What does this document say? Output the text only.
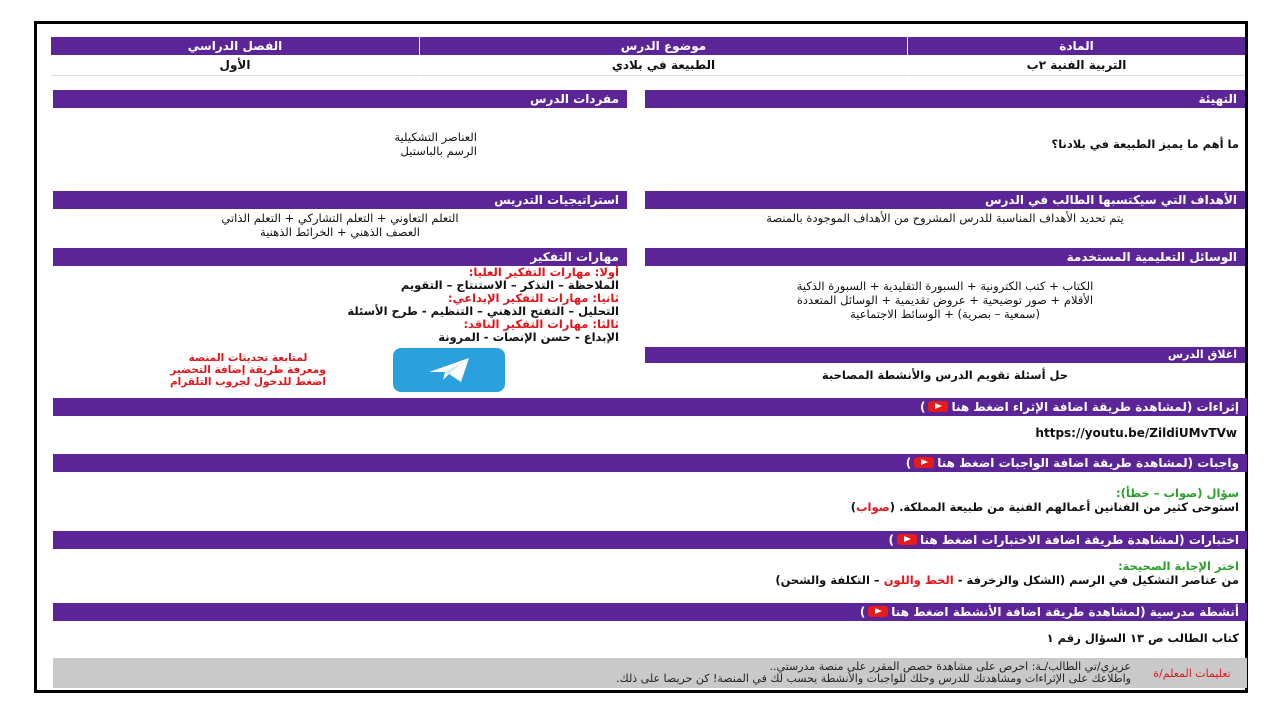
المادة
التربية الفنية ٢ب
موضوع الدرس
الطبيعة في بلادي
الفصل الدراسي
الأول
التهيئة
ما أهم ما يميز الطبيعة في بلادنا؟
مفردات الدرس
العناصر التشكيلية
الرسم بالباستيل
الأهداف التي سيكتسبها الطالب في الدرس
يتم تحديد الأهداف المناسبة للدرس المشروح من الأهداف الموجودة بالمنصة
استراتيجيات التدريس
التعلم التعاوني + التعلم التشاركي + التعلم الذاتي
العصف الذهني + الخرائط الذهنية
الوسائل التعليمية المستخدمة
الكتاب + كتب الكترونية + السبورة التقليدية + السبورة الذكية
الأقلام + صور توضيحية + عروض تقديمية + الوسائل المتعددة
(سمعية – بصرية) + الوسائط الاجتماعية
مهارات التفكير
أولا: مهارات التفكير العليا:
الملاحظة – التذكر – الاستنتاج – التقويم
ثانيا: مهارات التفكير الإبداعي:
التحليل – التفتح الذهني – التنظيم - طرح الأسئلة
ثالثا: مهارات التفكير الناقد:
الإبداع - حسن الإنصات - المرونة
لمتابعة تحديثات المنصة
ومعرفة طريقة إضافة التحضير
اضغط للدخول لجروب التلقرام
اغلاق الدرس
حل أسئلة تقويم الدرس والأنشطة المصاحبة
إثراءات (لمشاهدة طريقة اضافة الإثراء اضغط هنا)
https://youtu.be/ZildiUMvTVw
واجبات (لمشاهدة طريقة اضافة الواجبات اضغط هنا)
سؤال (صواب – خطأ):
استوحى كثير من الفنانين أعمالهم الفنية من طبيعة المملكة. (صواب)
اختبارات (لمشاهدة طريقة اضافة الاختبارات اضغط هنا)
اختر الإجابة الصحيحة:
من عناصر التشكيل في الرسم (الشكل والزخرفة - الخط واللون – التكلفة والشحن)
أنشطة مدرسية (لمشاهدة طريقة اضافة الأنشطة اضغط هنا)
كتاب الطالب ص ١٣ السؤال رقم ١
تعليمات المعلم/ة
عزيزي/تي الطالب/ـة: احرص على مشاهدة حصص المقرر على منصة مدرستي..
واطلاعك على الإثراءات ومشاهدتك للدرس وحلك للواجبات والأنشطة يحسب لك في المنصة! كن حريصا على ذلك.
